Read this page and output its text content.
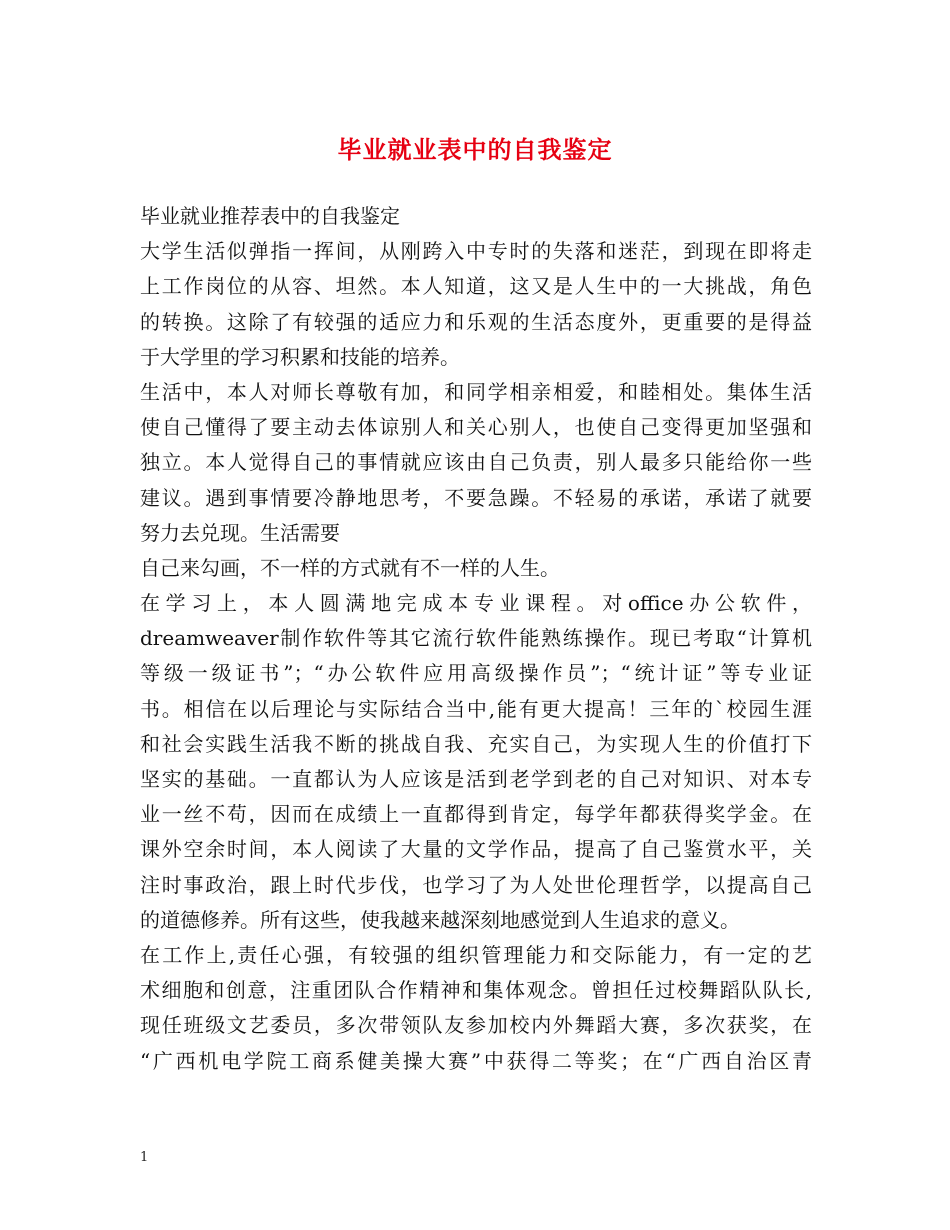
毕业就业表中的自我鉴定
毕业就业推荐表中的自我鉴定
大学生活似弹指一挥间，从刚跨入中专时的失落和迷茫，到现在即将走
上工作岗位的从容、坦然。本人知道，这又是人生中的一大挑战，角色
的转换。这除了有较强的适应力和乐观的生活态度外，更重要的是得益
于大学里的学习积累和技能的培养。
生活中，本人对师长尊敬有加，和同学相亲相爱，和睦相处。集体生活
使自己懂得了要主动去体谅别人和关心别人，也使自己变得更加坚强和
独立。本人觉得自己的事情就应该由自己负责，别人最多只能给你一些
建议。遇到事情要冷静地思考，不要急躁。不轻易的承诺，承诺了就要
努力去兑现。生活需要
自己来勾画，不一样的方式就有不一样的人生。
在学习上，本人圆满地完成本专业课程。对office办公软件，
dreamweaver制作软件等其它流行软件能熟练操作。现已考取“计算机
等级一级证书”；“办公软件应用高级操作员”；“统计证”等专业证
书。相信在以后理论与实际结合当中,能有更大提高！三年的`校园生涯
和社会实践生活我不断的挑战自我、充实自己，为实现人生的价值打下
坚实的基础。一直都认为人应该是活到老学到老的自己对知识、对本专
业一丝不苟，因而在成绩上一直都得到肯定，每学年都获得奖学金。在
课外空余时间，本人阅读了大量的文学作品，提高了自己鉴赏水平，关
注时事政治，跟上时代步伐，也学习了为人处世伦理哲学，以提高自己
的道德修养。所有这些，使我越来越深刻地感觉到人生追求的意义。
在工作上,责任心强，有较强的组织管理能力和交际能力，有一定的艺
术细胞和创意，注重团队合作精神和集体观念。曾担任过校舞蹈队队长,
现任班级文艺委员，多次带领队友参加校内外舞蹈大赛，多次获奖，在
“广西机电学院工商系健美操大赛”中获得二等奖；在“广西自治区青
1
